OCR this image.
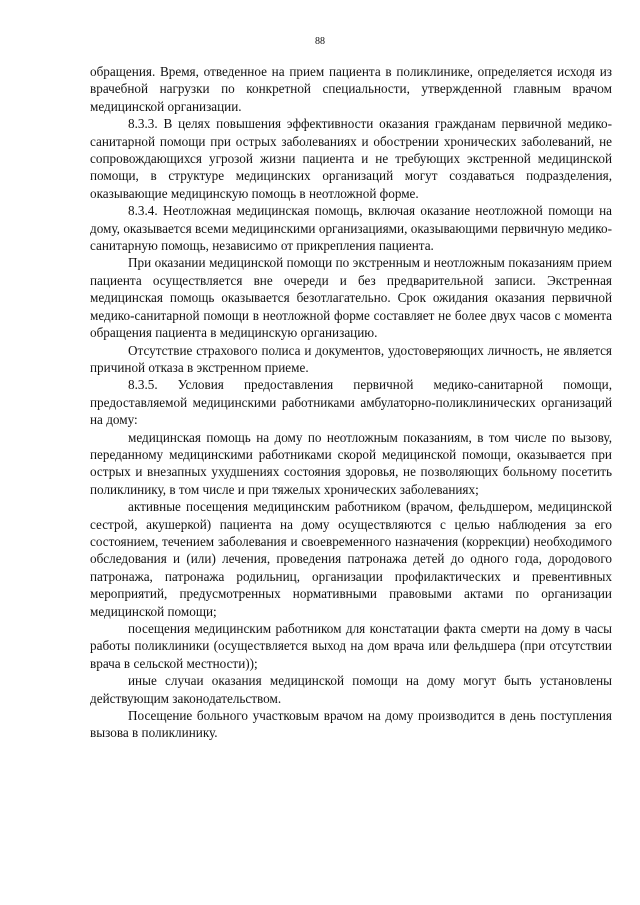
88

обращения. Время, отведенное на прием пациента в поликлинике, определяется исходя из врачебной нагрузки по конкретной специальности, утвержденной главным врачом медицинской организации.

8.3.3. В целях повышения эффективности оказания гражданам первичной медико-санитарной помощи при острых заболеваниях и обострении хронических заболеваний, не сопровождающихся угрозой жизни пациента и не требующих экстренной медицинской помощи, в структуре медицинских организаций могут создаваться подразделения, оказывающие медицинскую помощь в неотложной форме.

8.3.4. Неотложная медицинская помощь, включая оказание неотложной помощи на дому, оказывается всеми медицинскими организациями, оказывающими первичную медико-санитарную помощь, независимо от прикрепления пациента.

При оказании медицинской помощи по экстренным и неотложным показаниям прием пациента осуществляется вне очереди и без предварительной записи. Экстренная медицинская помощь оказывается безотлагательно. Срок ожидания оказания первичной медико-санитарной помощи в неотложной форме составляет не более двух часов с момента обращения пациента в медицинскую организацию.

Отсутствие страхового полиса и документов, удостоверяющих личность, не является причиной отказа в экстренном приеме.

8.3.5. Условия предоставления первичной медико-санитарной помощи, предоставляемой медицинскими работниками амбулаторно-поликлинических организаций на дому:

медицинская помощь на дому по неотложным показаниям, в том числе по вызову, переданному медицинскими работниками скорой медицинской помощи, оказывается при острых и внезапных ухудшениях состояния здоровья, не позволяющих больному посетить поликлинику, в том числе и при тяжелых хронических заболеваниях;

активные посещения медицинским работником (врачом, фельдшером, медицинской сестрой, акушеркой) пациента на дому осуществляются с целью наблюдения за его состоянием, течением заболевания и своевременного назначения (коррекции) необходимого обследования и (или) лечения, проведения патронажа детей до одного года, дородового патронажа, патронажа родильниц, организации профилактических и превентивных мероприятий, предусмотренных нормативными правовыми актами по организации медицинской помощи;

посещения медицинским работником для констатации факта смерти на дому в часы работы поликлиники (осуществляется выход на дом врача или фельдшера (при отсутствии врача в сельской местности));

иные случаи оказания медицинской помощи на дому могут быть установлены действующим законодательством.

Посещение больного участковым врачом на дому производится в день поступления вызова в поликлинику.
